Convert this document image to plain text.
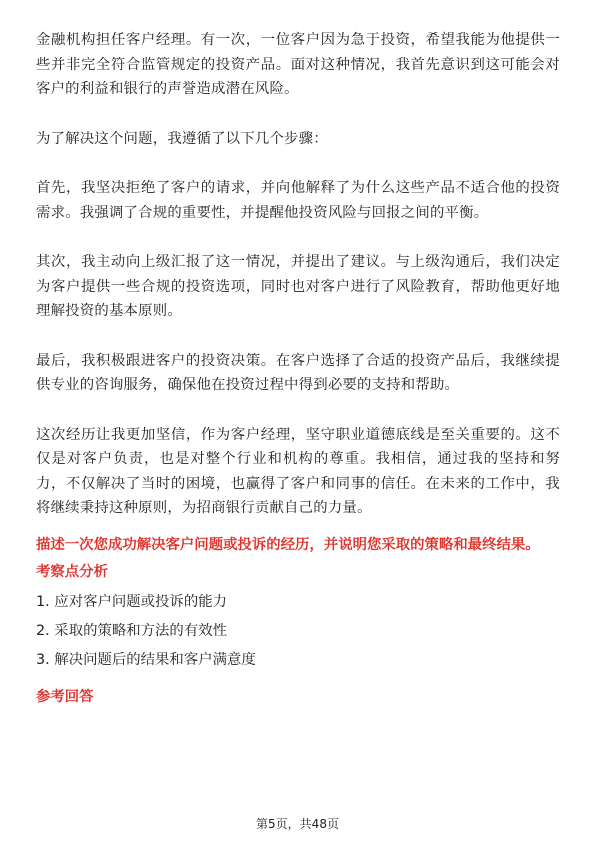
金融机构担任客户经理。有一次，一位客户因为急于投资，希望我能为他提供一些并非完全符合监管规定的投资产品。面对这种情况，我首先意识到这可能会对客户的利益和银行的声誉造成潜在风险。

为了解决这个问题，我遵循了以下几个步骤：

首先，我坚决拒绝了客户的请求，并向他解释了为什么这些产品不适合他的投资需求。我强调了合规的重要性，并提醒他投资风险与回报之间的平衡。

其次，我主动向上级汇报了这一情况，并提出了建议。与上级沟通后，我们决定为客户提供一些合规的投资选项，同时也对客户进行了风险教育，帮助他更好地理解投资的基本原则。

最后，我积极跟进客户的投资决策。在客户选择了合适的投资产品后，我继续提供专业的咨询服务，确保他在投资过程中得到必要的支持和帮助。

这次经历让我更加坚信，作为客户经理，坚守职业道德底线是至关重要的。这不仅是对客户负责，也是对整个行业和机构的尊重。我相信，通过我的坚持和努力，不仅解决了当时的困境，也赢得了客户和同事的信任。在未来的工作中，我将继续秉持这种原则，为招商银行贡献自己的力量。

描述一次您成功解决客户问题或投诉的经历，并说明您采取的策略和最终结果。
考察点分析
1. 应对客户问题或投诉的能力
2. 采取的策略和方法的有效性
3. 解决问题后的结果和客户满意度
参考回答
第5页，共48页
